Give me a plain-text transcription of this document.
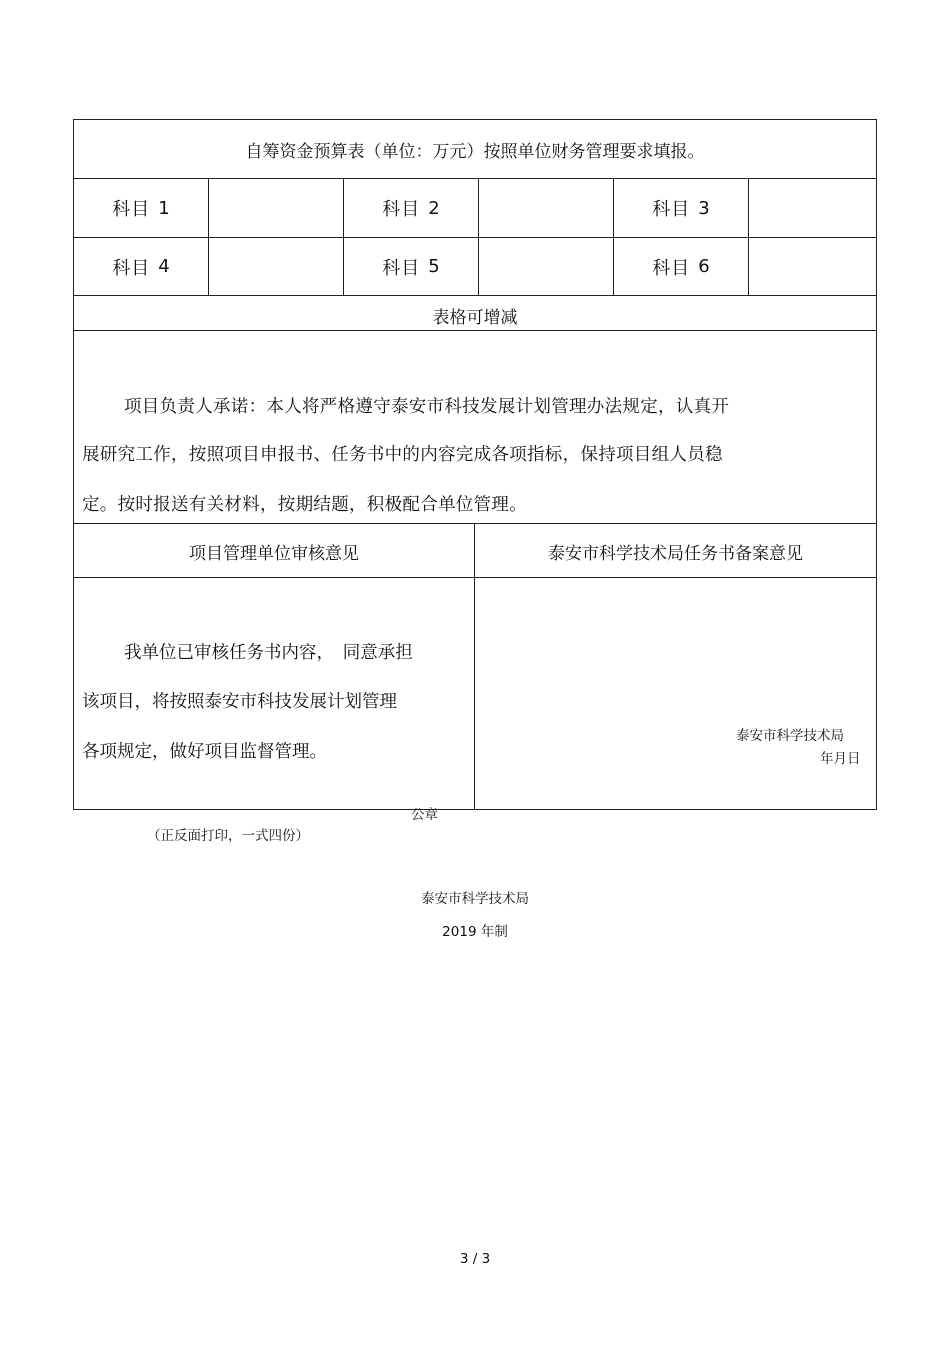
自筹资金预算表（单位：万元）按照单位财务管理要求填报。
科目 1	科目 2	科目 3
科目 4	科目 5	科目 6
表格可增减
项目负责人承诺：本人将严格遵守泰安市科技发展计划管理办法规定，认真开
展研究工作，按照项目申报书、任务书中的内容完成各项指标，保持项目组人员稳
定。按时报送有关材料，按期结题，积极配合单位管理。
项目管理单位审核意见	泰安市科学技术局任务书备案意见
我单位已审核任务书内容，　同意承担
该项目，将按照泰安市科技发展计划管理
各项规定，做好项目监督管理。
泰安市科学技术局
年月日
公章
（正反面打印，一式四份）
泰安市科学技术局
2019 年制
3 / 3
